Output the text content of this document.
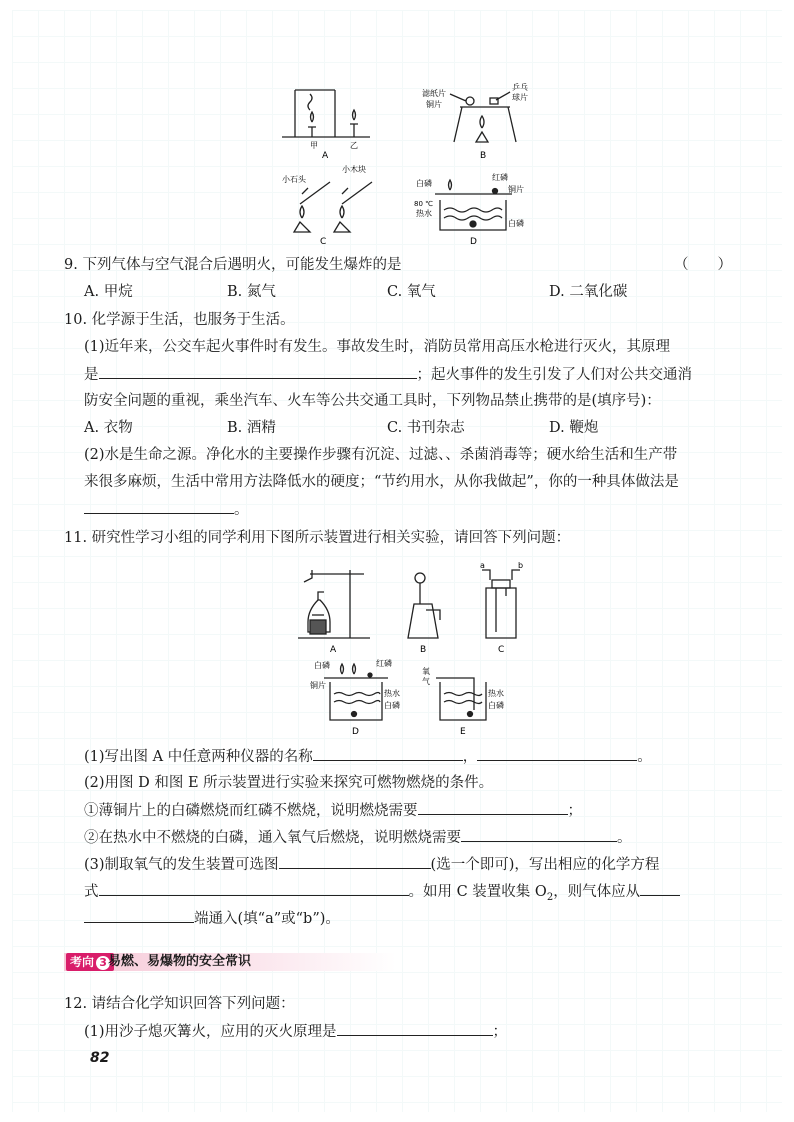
A
甲	乙
B
滤纸片
铜片
乒乓
球片
C
小石头
小木块
D
白磷
80 ℃
热水
红磷
铜片
白磷
9. 下列气体与空气混合后遇明火，可能发生爆炸的是	（　　）
A. 甲烷	B. 氮气	C. 氧气	D. 二氧化碳
10. 化学源于生活，也服务于生活。
(1)近年来，公交车起火事件时有发生。事故发生时，消防员常用高压水枪进行灭火，其原理
是	；起火事件的发生引发了人们对公共交通消
防安全问题的重视，乘坐汽车、火车等公共交通工具时，下列物品禁止携带的是(填序号)：
A. 衣物	B. 酒精	C. 书刊杂志	D. 鞭炮
(2)水是生命之源。净化水的主要操作步骤有沉淀、过滤、、杀菌消毒等；硬水给生活和生产带
来很多麻烦，生活中常用方法降低水的硬度；“节约用水，从你我做起”，你的一种具体做法是
。
11. 研究性学习小组的同学利用下图所示装置进行相关实验，请回答下列问题：
A	B	C
a	b
D	E
白磷	红磷
铜片
热水
白磷
氧
气
热水
白磷
(1)写出图 A 中任意两种仪器的名称	，	。
(2)用图 D 和图 E 所示装置进行实验来探究可燃物燃烧的条件。
①薄铜片上的白磷燃烧而红磷不燃烧，说明燃烧需要	；
②在热水中不燃烧的白磷，通入氧气后燃烧，说明燃烧需要	。
(3)制取氧气的发生装置可选图	(选一个即可)，写出相应的化学方程
式	。如用 C 装置收集 $O_2$，则气体应从
端通入(填“a”或“b”)。
考向 3 易燃、易爆物的安全常识
12. 请结合化学知识回答下列问题：
(1)用沙子熄灭篝火，应用的灭火原理是	；
82
